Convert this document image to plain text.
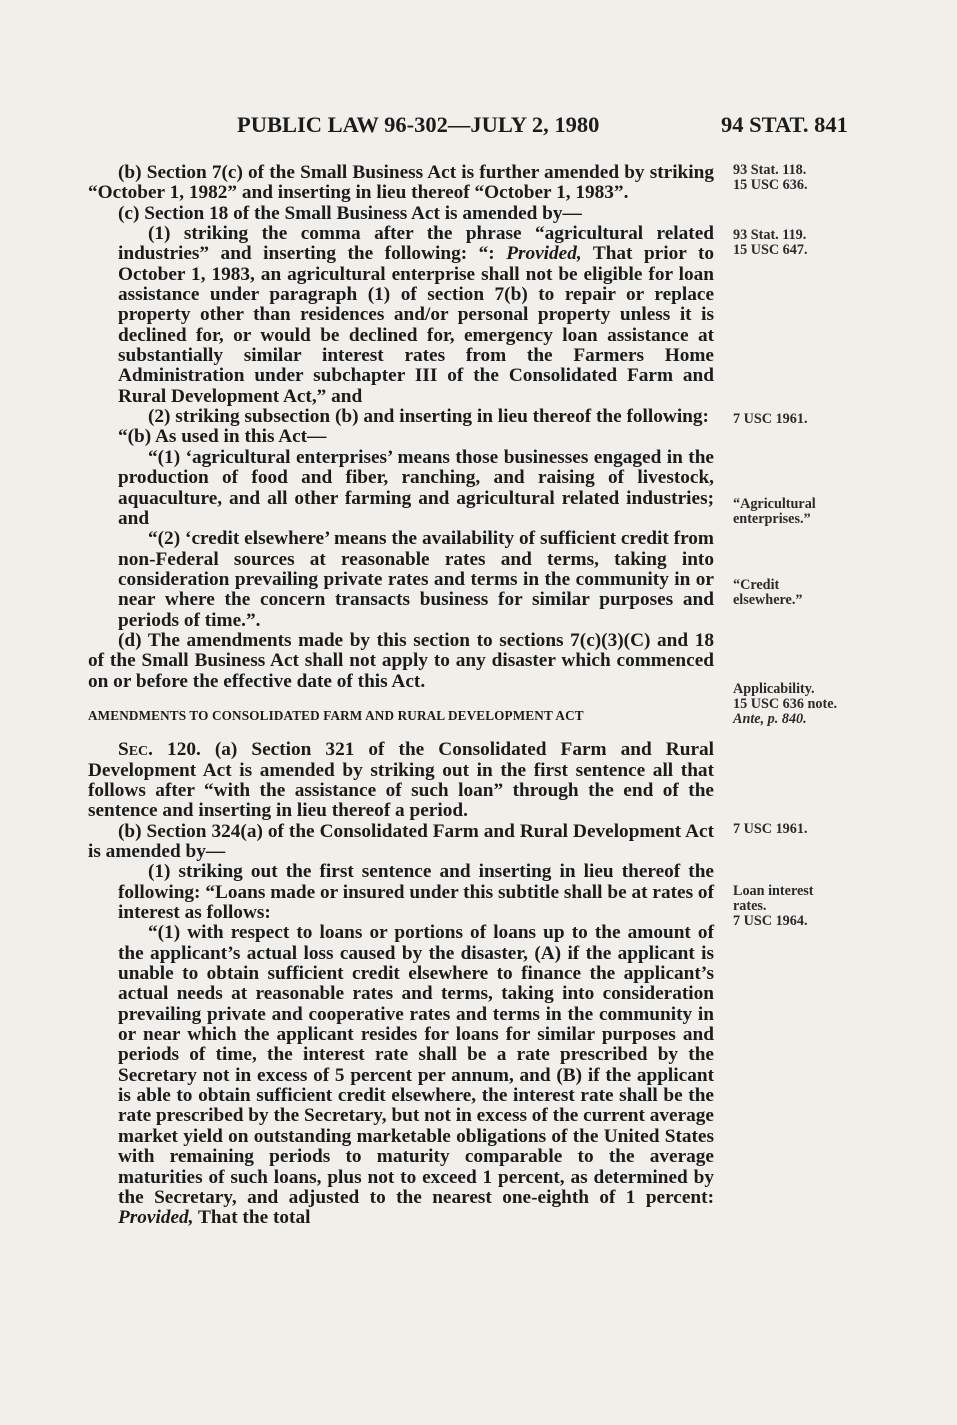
PUBLIC LAW 96-302—JULY 2, 1980	94 STAT. 841

(b) Section 7(c) of the Small Business Act is further amended by striking “October 1, 1982” and inserting in lieu thereof “October 1, 1983”.

(c) Section 18 of the Small Business Act is amended by—

(1) striking the comma after the phrase “agricultural related industries” and inserting the following: “: Provided, That prior to October 1, 1983, an agricultural enterprise shall not be eligible for loan assistance under paragraph (1) of section 7(b) to repair or replace property other than residences and/or personal property unless it is declined for, or would be declined for, emergency loan assistance at substantially similar interest rates from the Farmers Home Administration under subchapter III of the Consolidated Farm and Rural Development Act,” and

(2) striking subsection (b) and inserting in lieu thereof the following:

“(b) As used in this Act—

“(1) ‘agricultural enterprises’ means those businesses engaged in the production of food and fiber, ranching, and raising of livestock, aquaculture, and all other farming and agricultural related industries; and

“(2) ‘credit elsewhere’ means the availability of sufficient credit from non-Federal sources at reasonable rates and terms, taking into consideration prevailing private rates and terms in the community in or near where the concern transacts business for similar purposes and periods of time.”.

(d) The amendments made by this section to sections 7(c)(3)(C) and 18 of the Small Business Act shall not apply to any disaster which commenced on or before the effective date of this Act.

AMENDMENTS TO CONSOLIDATED FARM AND RURAL DEVELOPMENT ACT

Sec. 120. (a) Section 321 of the Consolidated Farm and Rural Development Act is amended by striking out in the first sentence all that follows after “with the assistance of such loan” through the end of the sentence and inserting in lieu thereof a period.

(b) Section 324(a) of the Consolidated Farm and Rural Development Act is amended by—

(1) striking out the first sentence and inserting in lieu thereof the following: “Loans made or insured under this subtitle shall be at rates of interest as follows:

“(1) with respect to loans or portions of loans up to the amount of the applicant’s actual loss caused by the disaster, (A) if the applicant is unable to obtain sufficient credit elsewhere to finance the applicant’s actual needs at reasonable rates and terms, taking into consideration prevailing private and cooperative rates and terms in the community in or near which the applicant resides for loans for similar purposes and periods of time, the interest rate shall be a rate prescribed by the Secretary not in excess of 5 percent per annum, and (B) if the applicant is able to obtain sufficient credit elsewhere, the interest rate shall be the rate prescribed by the Secretary, but not in excess of the current average market yield on outstanding marketable obligations of the United States with remaining periods to maturity comparable to the average maturities of such loans, plus not to exceed 1 percent, as determined by the Secretary, and adjusted to the nearest one-eighth of 1 percent: Provided, That the total

93 Stat. 118.
15 USC 636.
93 Stat. 119.
15 USC 647.
7 USC 1961.
“Agricultural
enterprises.”
“Credit
elsewhere.”
Applicability.
15 USC 636 note.
Ante, p. 840.
7 USC 1961.
Loan interest
rates.
7 USC 1964.
